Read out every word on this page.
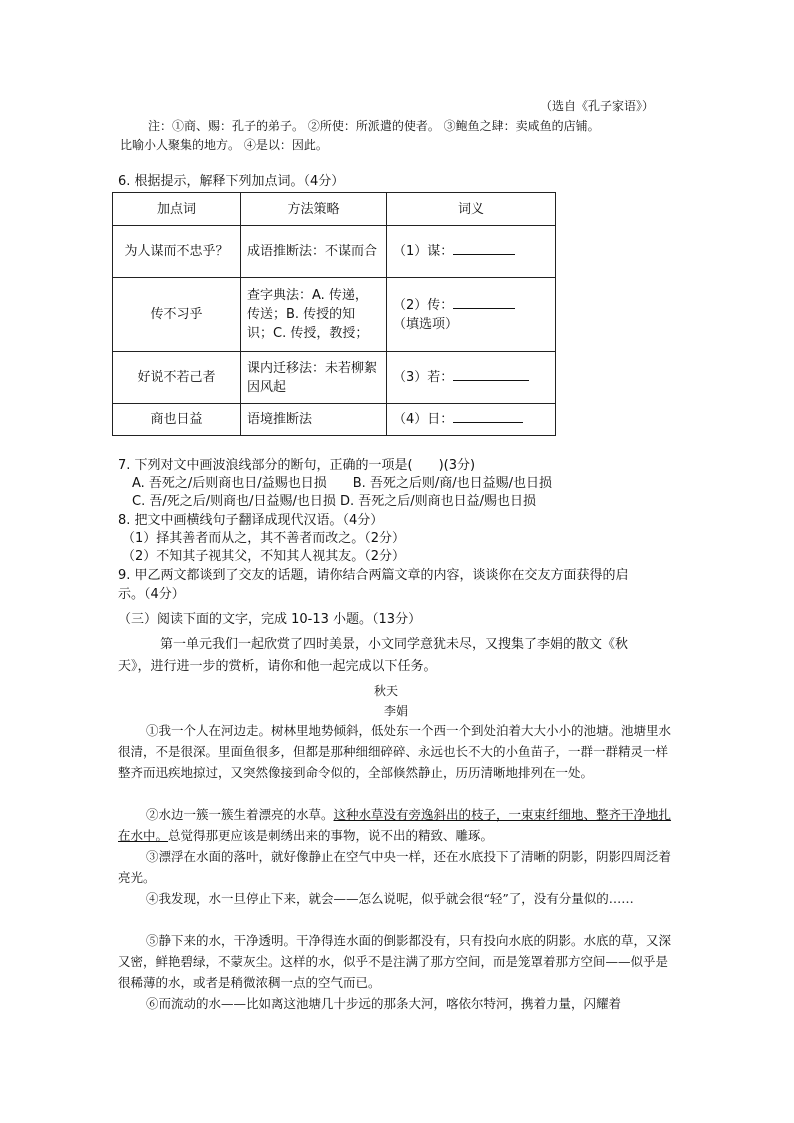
（选自《孔子家语》）
注：①商、赐：孔子的弟子。 ②所使：所派遣的使者。 ③鲍鱼之肆：卖咸鱼的店铺。
比喻小人聚集的地方。 ④是以：因此。
6. 根据提示，解释下列加点词。（4分）
加点词	方法策略	词义
为人谋而不忠乎？	成语推断法：不谋而合	（1）谋：
传不习乎	查字典法：A. 传递，传送；B. 传授的知识；C. 传授，教授；	（2）传：
（填选项）
好说不若己者	课内迁移法：未若柳絮因风起	（3）若：
商也日益	语境推断法	（4）日：
7. 下列对文中画波浪线部分的断句，正确的一项是(　　)(3分)
A. 吾死之/后则商也日/益赐也日损　　B. 吾死之后则/商/也日益赐/也日损
C. 吾/死之后/则商也/日益赐/也日损 D. 吾死之后/则商也日益/赐也日损
8. 把文中画横线句子翻译成现代汉语。（4分）
（1）择其善者而从之，其不善者而改之。（2分）
（2）不知其子视其父，不知其人视其友。（2分）
9. 甲乙两文都谈到了交友的话题，请你结合两篇文章的内容，谈谈你在交友方面获得的启
示。（4分）
（三）阅读下面的文字，完成 10-13 小题。（13分）
第一单元我们一起欣赏了四时美景，小文同学意犹未尽，又搜集了李娟的散文《秋
天》，进行进一步的赏析，请你和他一起完成以下任务。
秋天
李娟
①我一个人在河边走。树林里地势倾斜，低处东一个西一个到处泊着大大小小的池塘。池塘里水很清，不是很深。里面鱼很多，但都是那种细细碎碎、永远也长不大的小鱼苗子，一群一群精灵一样整齐而迅疾地掠过，又突然像接到命令似的，全部倏然静止，历历清晰地排列在一处。
②水边一簇一簇生着漂亮的水草。这种水草没有旁逸斜出的枝子，一束束纤细地、整齐干净地扎在水中。总觉得那更应该是刺绣出来的事物，说不出的精致、雕琢。
③漂浮在水面的落叶，就好像静止在空气中央一样，还在水底投下了清晰的阴影，阴影四周泛着亮光。
④我发现，水一旦停止下来，就会——怎么说呢，似乎就会很“轻”了，没有分量似的……
⑤静下来的水，干净透明。干净得连水面的倒影都没有，只有投向水底的阴影。水底的草，又深又密，鲜艳碧绿，不蒙灰尘。这样的水，似乎不是注满了那方空间，而是笼罩着那方空间——似乎是很稀薄的水，或者是稍微浓稠一点的空气而已。
⑥而流动的水——比如离这池塘几十步远的那条大河，喀依尔特河，携着力量，闪耀着
